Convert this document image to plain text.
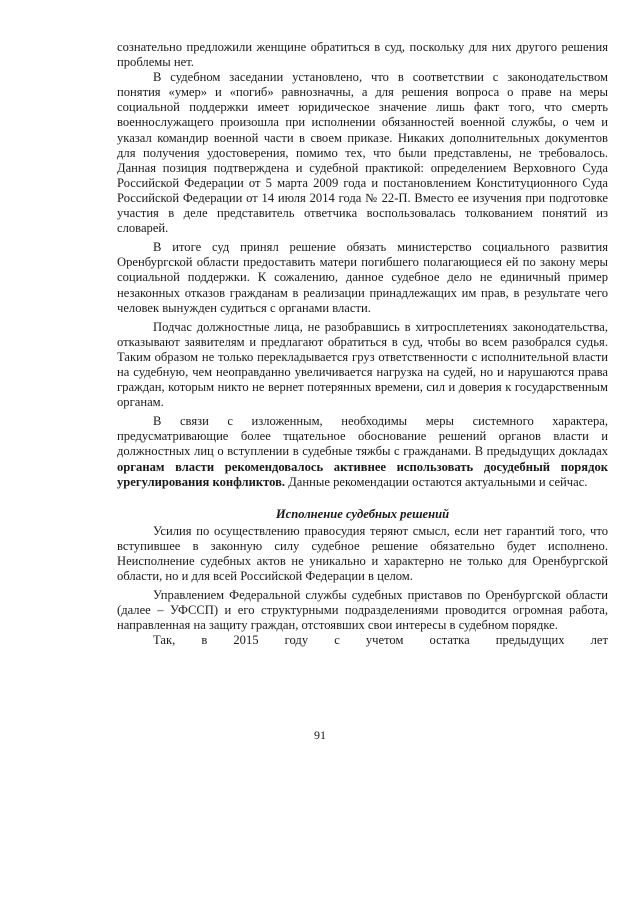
сознательно предложили женщине обратиться в суд, поскольку для них другого решения проблемы нет.

В судебном заседании установлено, что в соответствии с законодательством понятия «умер» и «погиб» равнозначны, а для решения вопроса о праве на меры социальной поддержки имеет юридическое значение лишь факт того, что смерть военнослужащего произошла при исполнении обязанностей военной службы, о чем и указал командир военной части в своем приказе. Никаких дополнительных документов для получения удостоверения, помимо тех, что были представлены, не требовалось. Данная позиция подтверждена и судебной практикой: определением Верховного Суда Российской Федерации от 5 марта 2009 года и постановлением Конституционного Суда Российской Федерации от 14 июля 2014 года № 22-П. Вместо ее изучения при подготовке участия в деле представитель ответчика воспользовалась толкованием понятий из словарей.

В итоге суд принял решение обязать министерство социального развития Оренбургской области предоставить матери погибшего полагающиеся ей по закону меры социальной поддержки. К сожалению, данное судебное дело не единичный пример незаконных отказов гражданам в реализации принадлежащих им прав, в результате чего человек вынужден судиться с органами власти.

Подчас должностные лица, не разобравшись в хитросплетениях законодательства, отказывают заявителям и предлагают обратиться в суд, чтобы во всем разобрался судья. Таким образом не только перекладывается груз ответственности с исполнительной власти на судебную, чем неоправданно увеличивается нагрузка на судей, но и нарушаются права граждан, которым никто не вернет потерянных времени, сил и доверия к государственным органам.

В связи с изложенным, необходимы меры системного характера, предусматривающие более тщательное обоснование решений органов власти и должностных лиц о вступлении в судебные тяжбы с гражданами. В предыдущих докладах органам власти рекомендовалось активнее использовать досудебный порядок урегулирования конфликтов. Данные рекомендации остаются актуальными и сейчас.

Исполнение судебных решений

Усилия по осуществлению правосудия теряют смысл, если нет гарантий того, что вступившее в законную силу судебное решение обязательно будет исполнено. Неисполнение судебных актов не уникально и характерно не только для Оренбургской области, но и для всей Российской Федерации в целом.

Управлением Федеральной службы судебных приставов по Оренбургской области (далее – УФССП) и его структурными подразделениями проводится огромная работа, направленная на защиту граждан, отстоявших свои интересы в судебном порядке.

Так, в 2015 году с учетом остатка предыдущих лет

91
